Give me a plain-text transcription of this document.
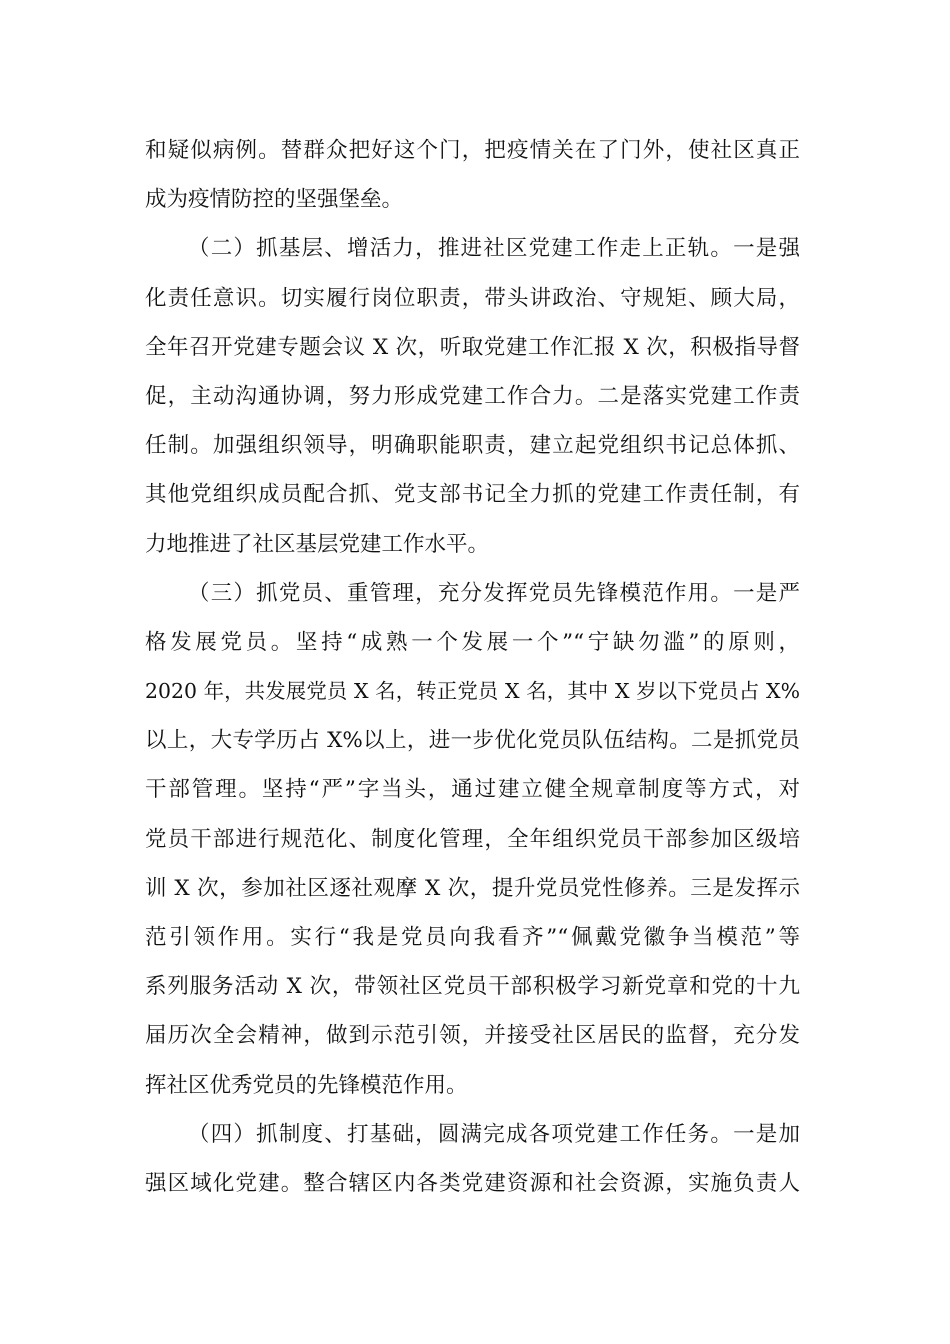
和疑似病例。替群众把好这个门，把疫情关在了门外，使社区真正
成为疫情防控的坚强堡垒。
（二）抓基层、增活力，推进社区党建工作走上正轨。一是强
化责任意识。切实履行岗位职责，带头讲政治、守规矩、顾大局，
全年召开党建专题会议 X 次，听取党建工作汇报 X 次，积极指导督
促，主动沟通协调，努力形成党建工作合力。二是落实党建工作责
任制。加强组织领导，明确职能职责，建立起党组织书记总体抓、
其他党组织成员配合抓、党支部书记全力抓的党建工作责任制，有
力地推进了社区基层党建工作水平。
（三）抓党员、重管理，充分发挥党员先锋模范作用。一是严
格发展党员。坚持“成熟一个发展一个”“宁缺勿滥”的原则，
2020 年，共发展党员 X 名，转正党员 X 名，其中 X 岁以下党员占 X%
以上，大专学历占 X%以上，进一步优化党员队伍结构。二是抓党员
干部管理。坚持“严”字当头，通过建立健全规章制度等方式，对
党员干部进行规范化、制度化管理，全年组织党员干部参加区级培
训 X 次，参加社区逐社观摩 X 次，提升党员党性修养。三是发挥示
范引领作用。实行“我是党员向我看齐”“佩戴党徽争当模范”等
系列服务活动 X 次，带领社区党员干部积极学习新党章和党的十九
届历次全会精神，做到示范引领，并接受社区居民的监督，充分发
挥社区优秀党员的先锋模范作用。
（四）抓制度、打基础，圆满完成各项党建工作任务。一是加
强区域化党建。整合辖区内各类党建资源和社会资源，实施负责人
